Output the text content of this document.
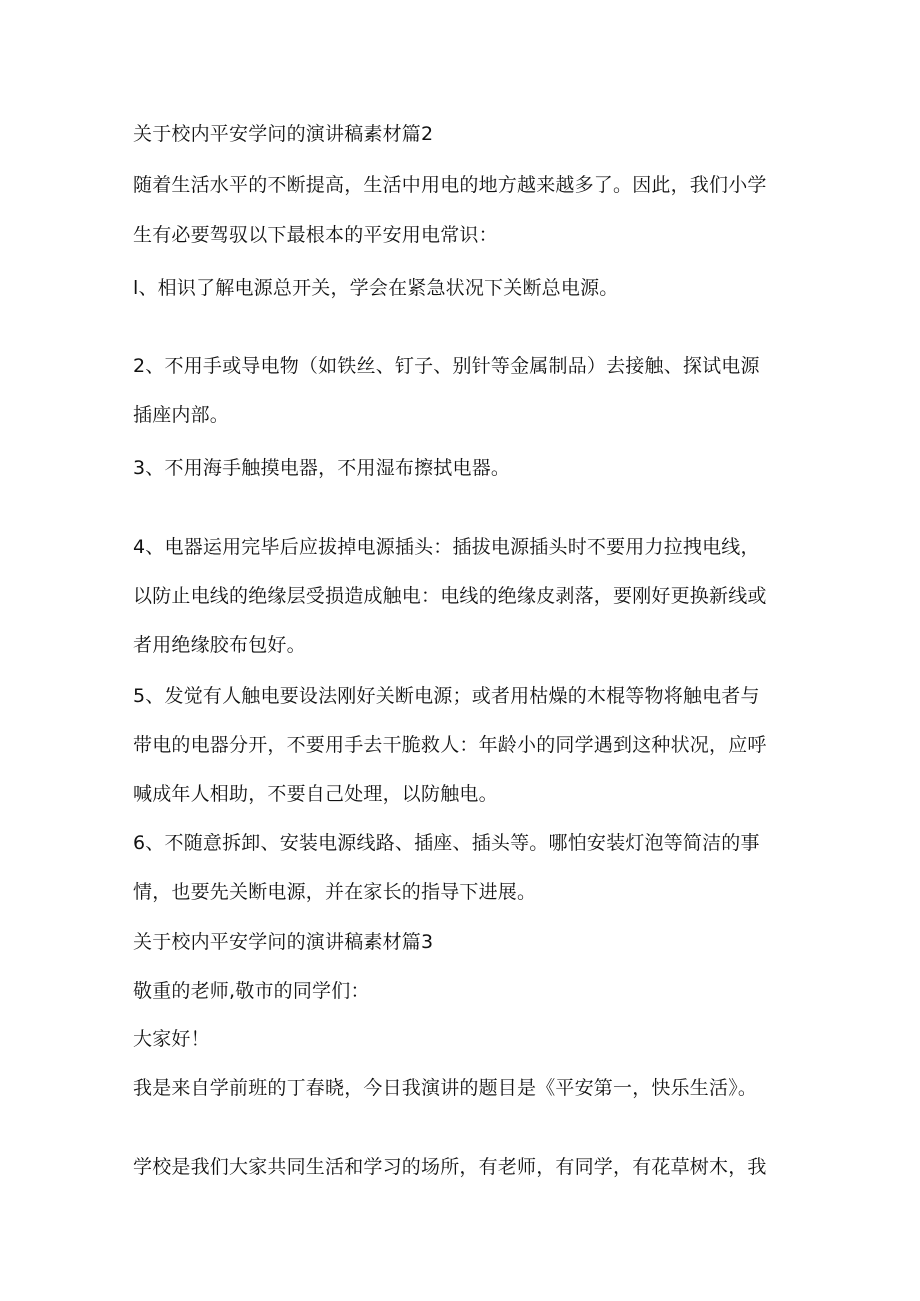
关于校内平安学问的演讲稿素材篇2
随着生活水平的不断提高，生活中用电的地方越来越多了。因此，我们小学
生有必要驾驭以下最根本的平安用电常识：
l、相识了解电源总开关，学会在紧急状况下关断总电源。
2、不用手或导电物（如铁丝、钉子、别针等金属制品）去接触、探试电源
插座内部。
3、不用海手触摸电器，不用湿布擦拭电器。
4、电器运用完毕后应拔掉电源插头：插拔电源插头时不要用力拉拽电线，
以防止电线的绝缘层受损造成触电：电线的绝缘皮剥落，要刚好更换新线或
者用绝缘胶布包好。
5、发觉有人触电要设法刚好关断电源；或者用枯燥的木棍等物将触电者与
带电的电器分开，不要用手去干脆救人：年龄小的同学遇到这种状况，应呼
喊成年人相助，不要自己处理，以防触电。
6、不随意拆卸、安装电源线路、插座、插头等。哪怕安装灯泡等简洁的事
情，也要先关断电源，并在家长的指导下进展。
关于校内平安学问的演讲稿素材篇3
敬重的老师,敬市的同学们：
大家好！
我是来自学前班的丁春晓，今日我演讲的题目是《平安第一，快乐生活》。
学校是我们大家共同生活和学习的场所，有老师，有同学，有花草树木，我
